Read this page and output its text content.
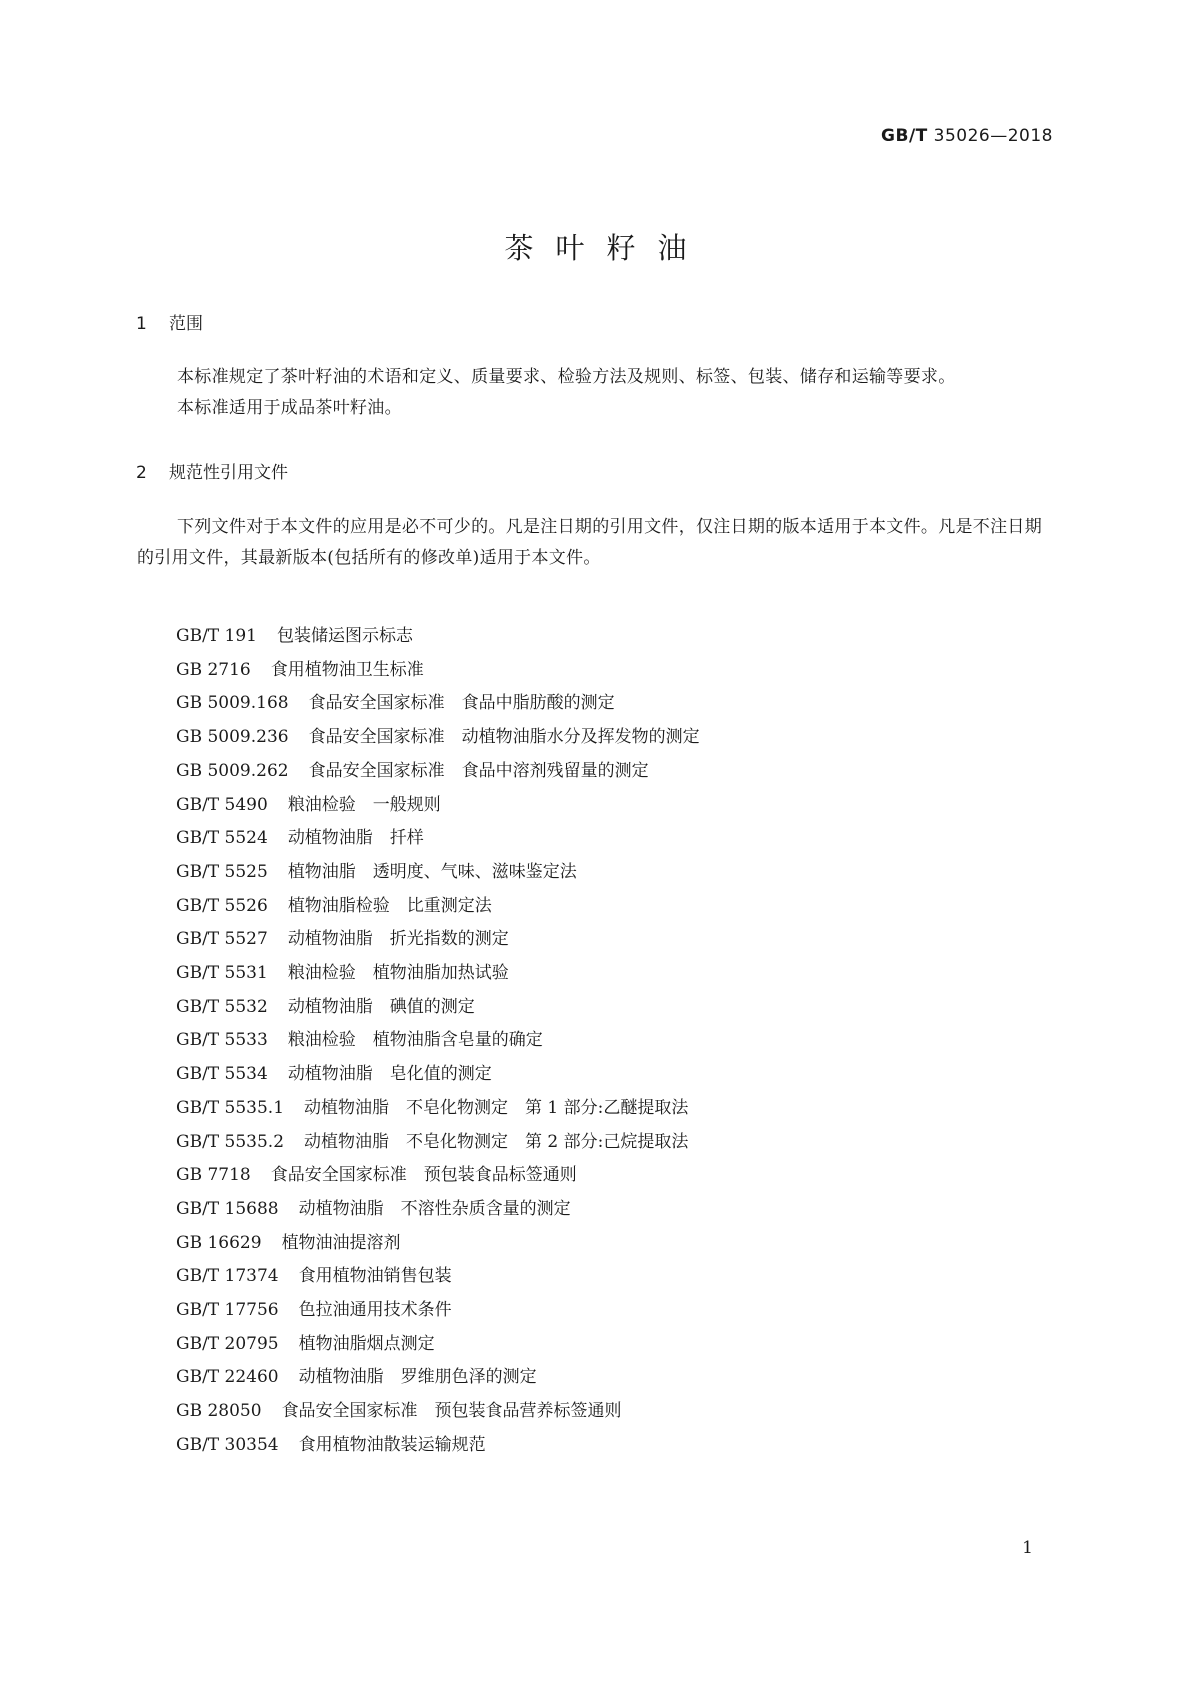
GB/T 35026—2018
茶叶籽油
1 范围

本标准规定了茶叶籽油的术语和定义、质量要求、检验方法及规则、标签、包装、储存和运输等要求。

本标准适用于成品茶叶籽油。

2 规范性引用文件

下列文件对于本文件的应用是必不可少的。凡是注日期的引用文件，仅注日期的版本适用于本文件。凡是不注日期的引用文件，其最新版本(包括所有的修改单)适用于本文件。

GB/T 191 包装储运图示标志
GB 2716 食用植物油卫生标准
GB 5009.168 食品安全国家标准　食品中脂肪酸的测定
GB 5009.236 食品安全国家标准　动植物油脂水分及挥发物的测定
GB 5009.262 食品安全国家标准　食品中溶剂残留量的测定
GB/T 5490 粮油检验　一般规则
GB/T 5524 动植物油脂　扦样
GB/T 5525 植物油脂　透明度、气味、滋味鉴定法
GB/T 5526 植物油脂检验　比重测定法
GB/T 5527 动植物油脂　折光指数的测定
GB/T 5531 粮油检验　植物油脂加热试验
GB/T 5532 动植物油脂　碘值的测定
GB/T 5533 粮油检验　植物油脂含皂量的确定
GB/T 5534 动植物油脂　皂化值的测定
GB/T 5535.1 动植物油脂　不皂化物测定　第 1 部分:乙醚提取法
GB/T 5535.2 动植物油脂　不皂化物测定　第 2 部分:己烷提取法
GB 7718 食品安全国家标准　预包装食品标签通则
GB/T 15688 动植物油脂　不溶性杂质含量的测定
GB 16629 植物油油提溶剂
GB/T 17374 食用植物油销售包装
GB/T 17756 色拉油通用技术条件
GB/T 20795 植物油脂烟点测定
GB/T 22460 动植物油脂　罗维朋色泽的测定
GB 28050 食品安全国家标准　预包装食品营养标签通则
GB/T 30354 食用植物油散装运输规范
1
